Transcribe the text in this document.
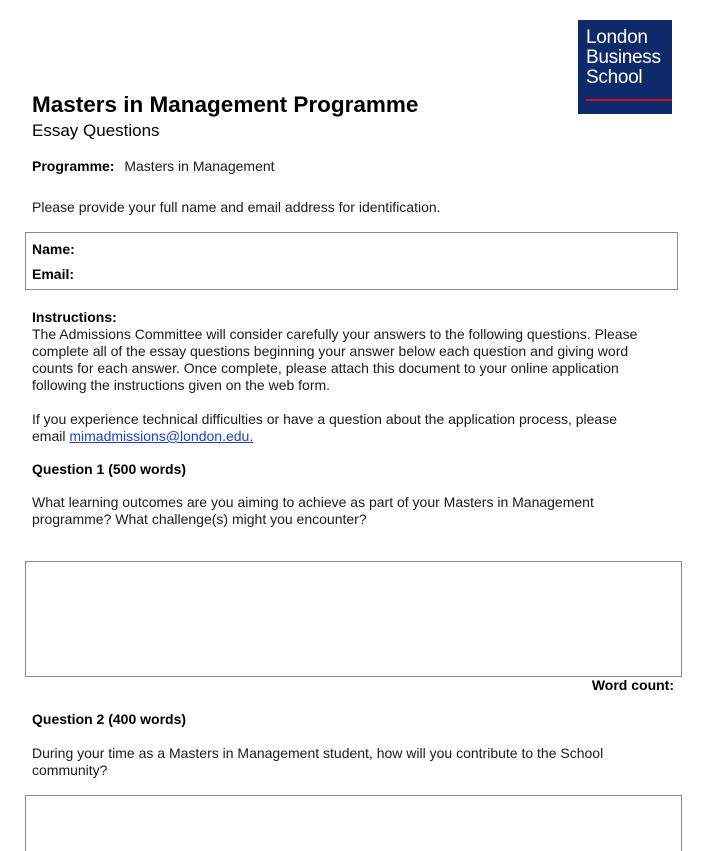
London
Business
School
Masters in Management Programme
Essay Questions
Programme: Masters in Management
Please provide your full name and email address for identification.
Name:
Email:

Instructions:

The Admissions Committee will consider carefully your answers to the following questions. Please

complete all of the essay questions beginning your answer below each question and giving word

counts for each answer. Once complete, please attach this document to your online application

following the instructions given on the web form.

If you experience technical difficulties or have a question about the application process, please

email mimadmissions@london.edu.

Question 1 (500 words)
What learning outcomes are you aiming to achieve as part of your Masters in Management
programme? What challenge(s) might you encounter?
Word count:
Question 2 (400 words)
During your time as a Masters in Management student, how will you contribute to the School
community?
